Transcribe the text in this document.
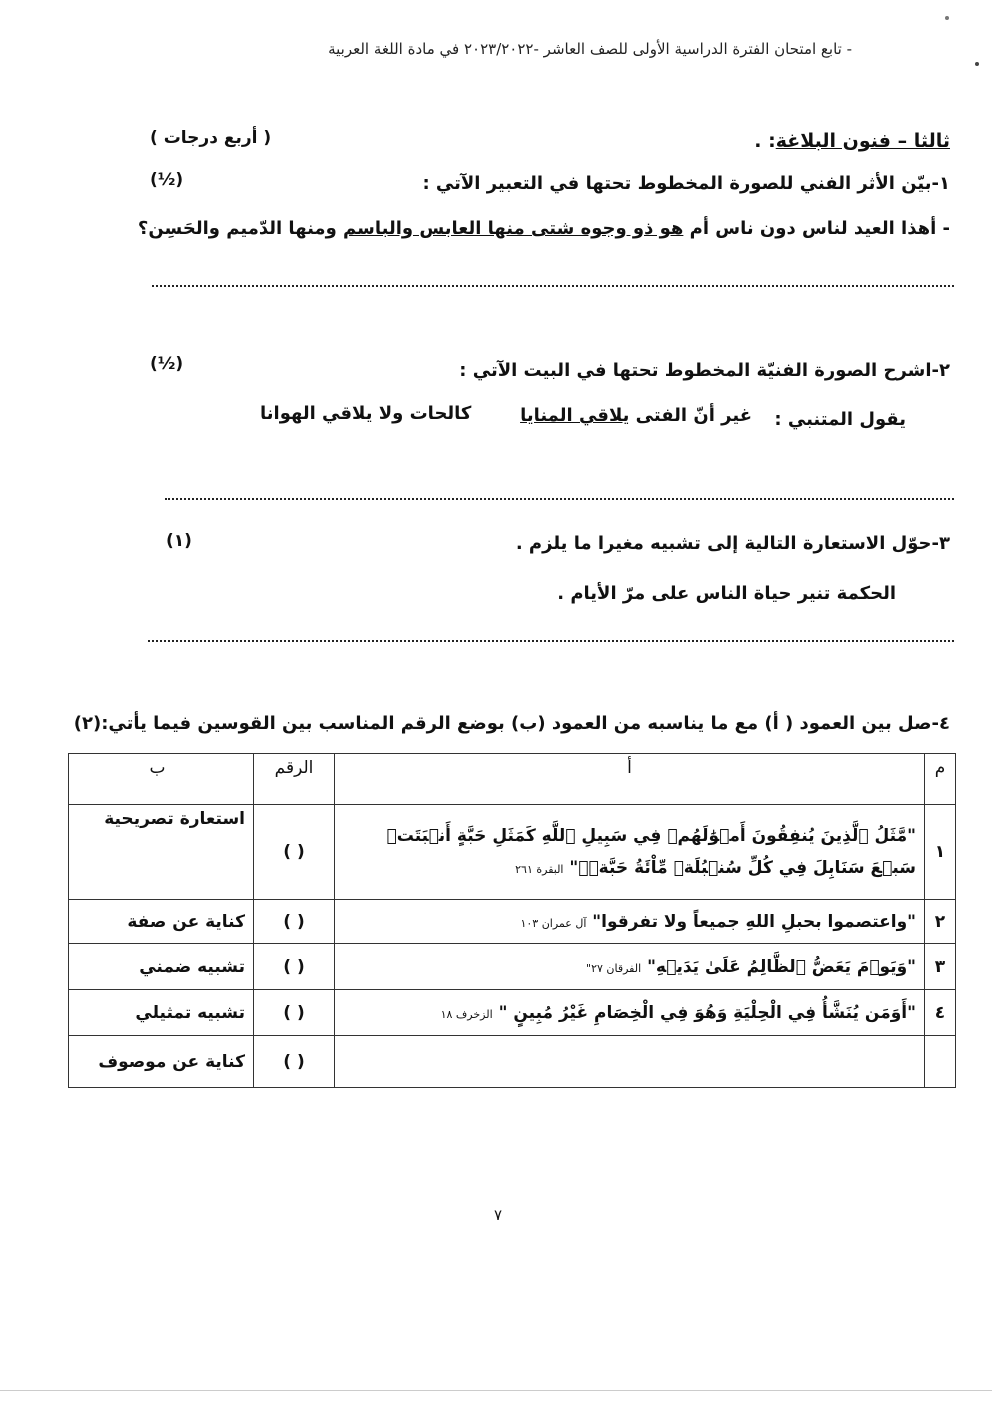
- تابع امتحان الفترة الدراسية الأولى للصف العاشر -٢٠٢٣/٢٠٢٢ في مادة اللغة العربية
ثالثا – فنون البلاغة: .
( أربع درجات )
١-بيّن الأثر الفني للصورة المخطوط تحتها في التعبير الآتي :
(½)
- أهذا العيد لناس دون ناس أم هو ذو وجوه شتى منها العابس والباسم ومنها الدّميم والحَسِن؟
٢-اشرح الصورة الفنيّة المخطوط تحتها في البيت الآتي :
(½)
يقول المتنبي :
غير أنّ الفتى يلاقي المنايا
كالحات ولا يلاقي الهوانا
٣-حوّل الاستعارة التالية إلى تشبيه مغيرا ما يلزم .
(١)
الحكمة تنير حياة الناس على مرّ الأيام .
٤-صل بين العمود ( أ) مع ما يناسبه من العمود (ب) بوضع الرقم المناسب بين القوسين فيما يأتي:(٢)
م	أ	الرقم	ب
١	"مَّثَلُ ٱلَّذِينَ يُنفِقُونَ أَمۡوَٰلَهُمۡ فِي سَبِيلِ ٱللَّهِ كَمَثَلِ حَبَّةٍ أَنۢبَتَتۡ سَبۡعَ سَنَابِلَ فِي كُلِّ سُنۢبُلَةٖ مِّاْئَةُ حَبَّةٖۗ" البقرة ٢٦١	( )	استعارة تصريحية
٢	"واعتصموا بحبلِ اللهِ جميعاً ولا تفرقوا" آل عمران ١٠٣	( )	كناية عن صفة
٣	"وَيَوۡمَ يَعَضُّ ٱلظَّالِمُ عَلَىٰ يَدَيۡهِ" الفرقان ٢٧"	( )	تشبيه ضمني
٤	"أَوَمَن يُنَشَّأُ فِي الْحِلْيَةِ وَهُوَ فِي الْخِصَامِ غَيْرُ مُبِينٍ " الزخرف ١٨	( )	تشبيه تمثيلي
		( )	كناية عن موصوف
٧
